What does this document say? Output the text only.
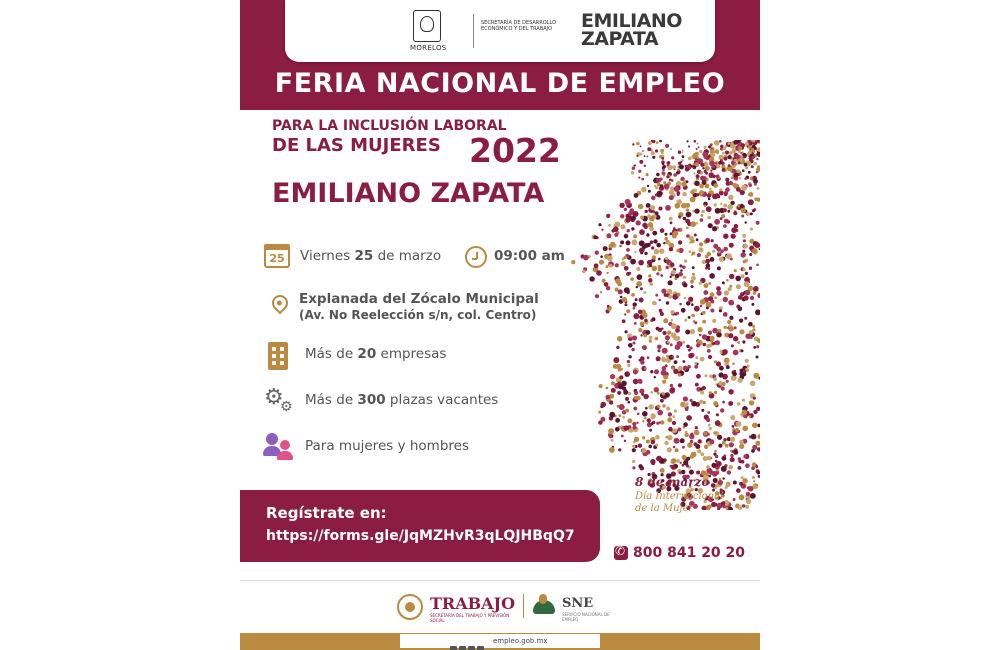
MORELOS
SECRETARÍA DE DESARROLLO ECONÓMICO Y DEL TRABAJO	EMILIANO
ZAPATA
FERIA NACIONAL DE EMPLEO
PARA LA INCLUSIÓN LABORAL
DE LAS MUJERES 2022
EMILIANO ZAPATA
25 Viernes 25 de marzo	09:00 am
Explanada del Zócalo Municipal
(Av. No Reelección s/n, col. Centro)
Más de 20 empresas
⚙
⚙ Más de 300 plazas vacantes
Para mujeres y hombres
8 de marzo
Día Internacional
de la Mujer
Regístrate en:
https://forms.gle/JqMZHvR3qLQJHBqQ7
✆
800 841 20 20
TRABAJO
SECRETARÍA DEL TRABAJO Y PREVISIÓN SOCIAL
SNE
SERVICIO NACIONAL DE EMPLEO
empleo.gob.mx
